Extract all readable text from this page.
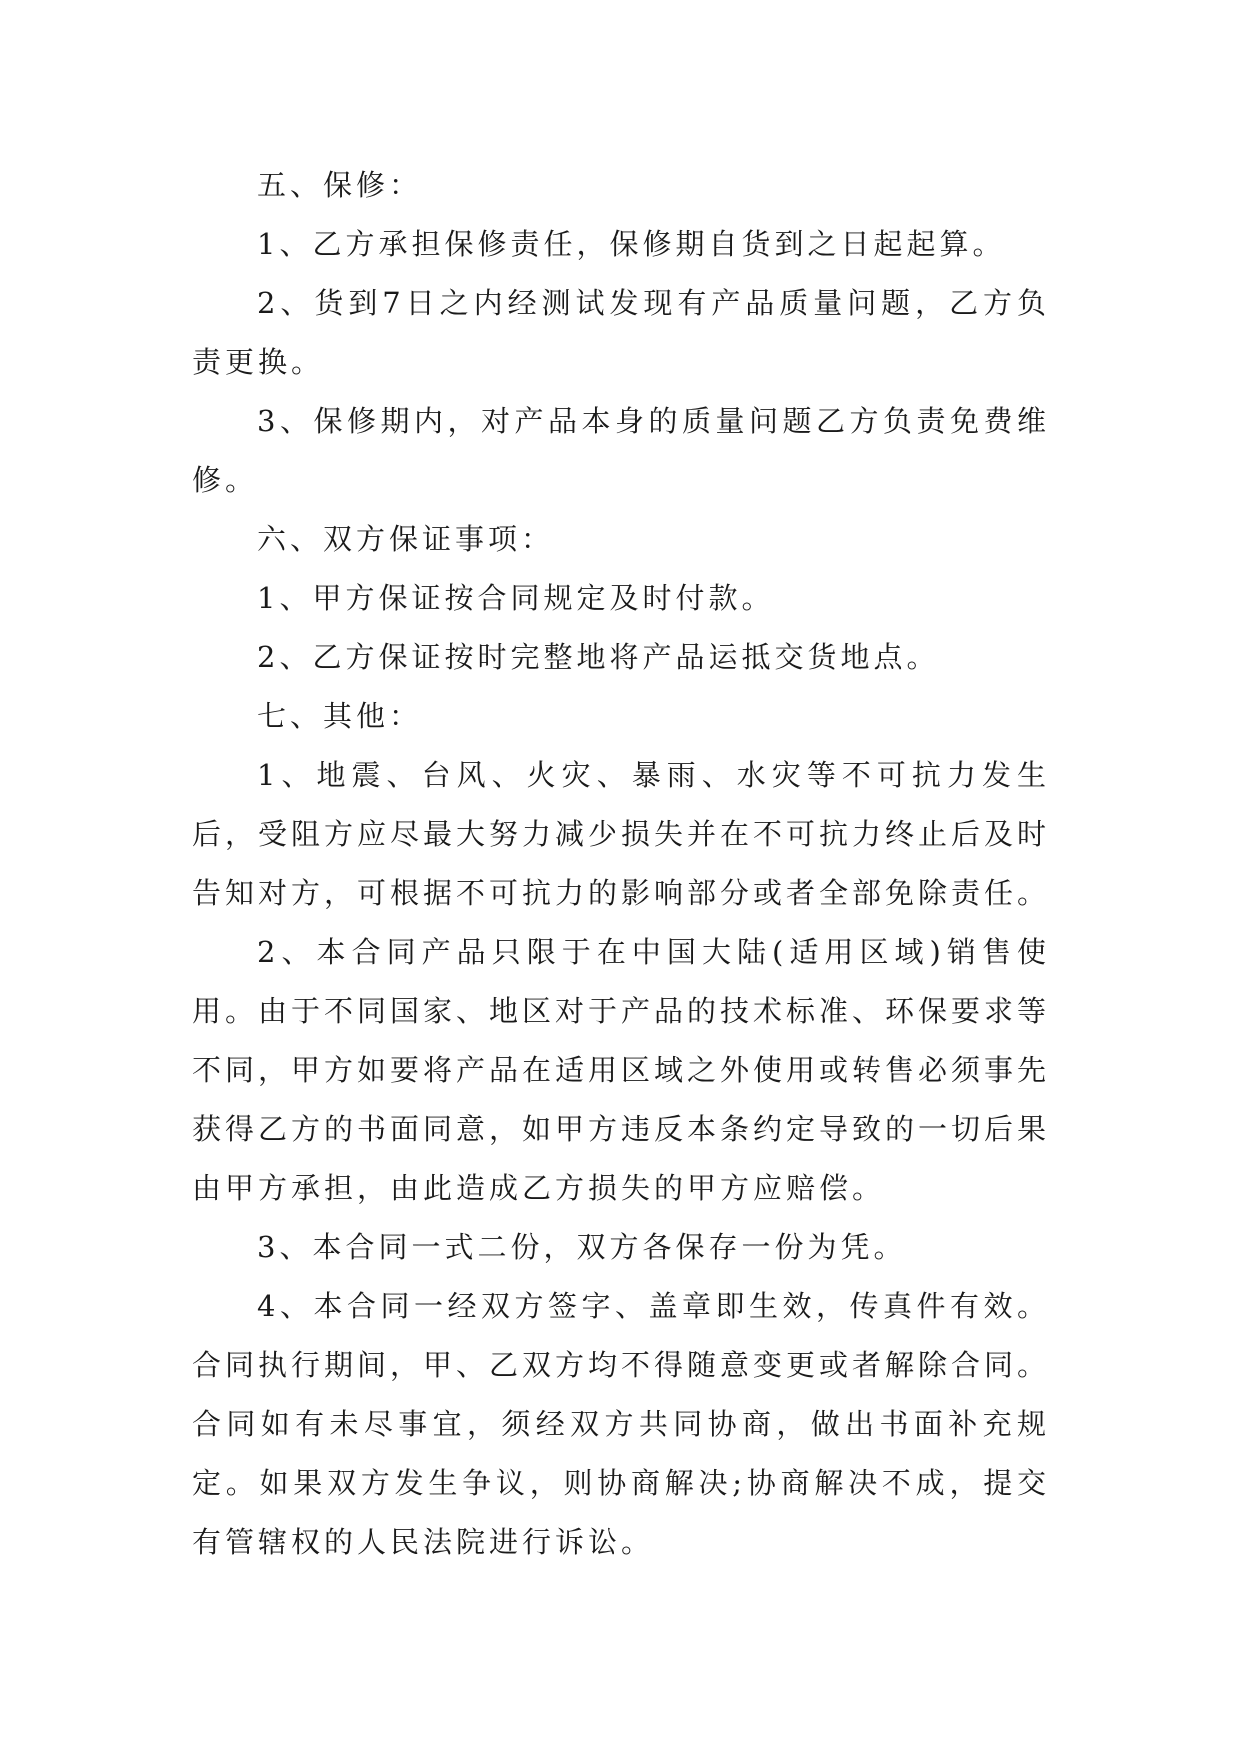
五、保修：

1、乙方承担保修责任，保修期自货到之日起起算。

2、货到7日之内经测试发现有产品质量问题，乙方负责更换。

3、保修期内，对产品本身的质量问题乙方负责免费维修。

六、双方保证事项：

1、甲方保证按合同规定及时付款。

2、乙方保证按时完整地将产品运抵交货地点。

七、其他：

1、地震、台风、火灾、暴雨、水灾等不可抗力发生后，受阻方应尽最大努力减少损失并在不可抗力终止后及时告知对方，可根据不可抗力的影响部分或者全部免除责任。

2、本合同产品只限于在中国大陆(适用区域)销售使用。由于不同国家、地区对于产品的技术标准、环保要求等不同，甲方如要将产品在适用区域之外使用或转售必须事先获得乙方的书面同意，如甲方违反本条约定导致的一切后果由甲方承担，由此造成乙方损失的甲方应赔偿。

3、本合同一式二份，双方各保存一份为凭。

4、本合同一经双方签字、盖章即生效，传真件有效。合同执行期间，甲、乙双方均不得随意变更或者解除合同。合同如有未尽事宜，须经双方共同协商，做出书面补充规定。如果双方发生争议，则协商解决;协商解决不成，提交有管辖权的人民法院进行诉讼。
